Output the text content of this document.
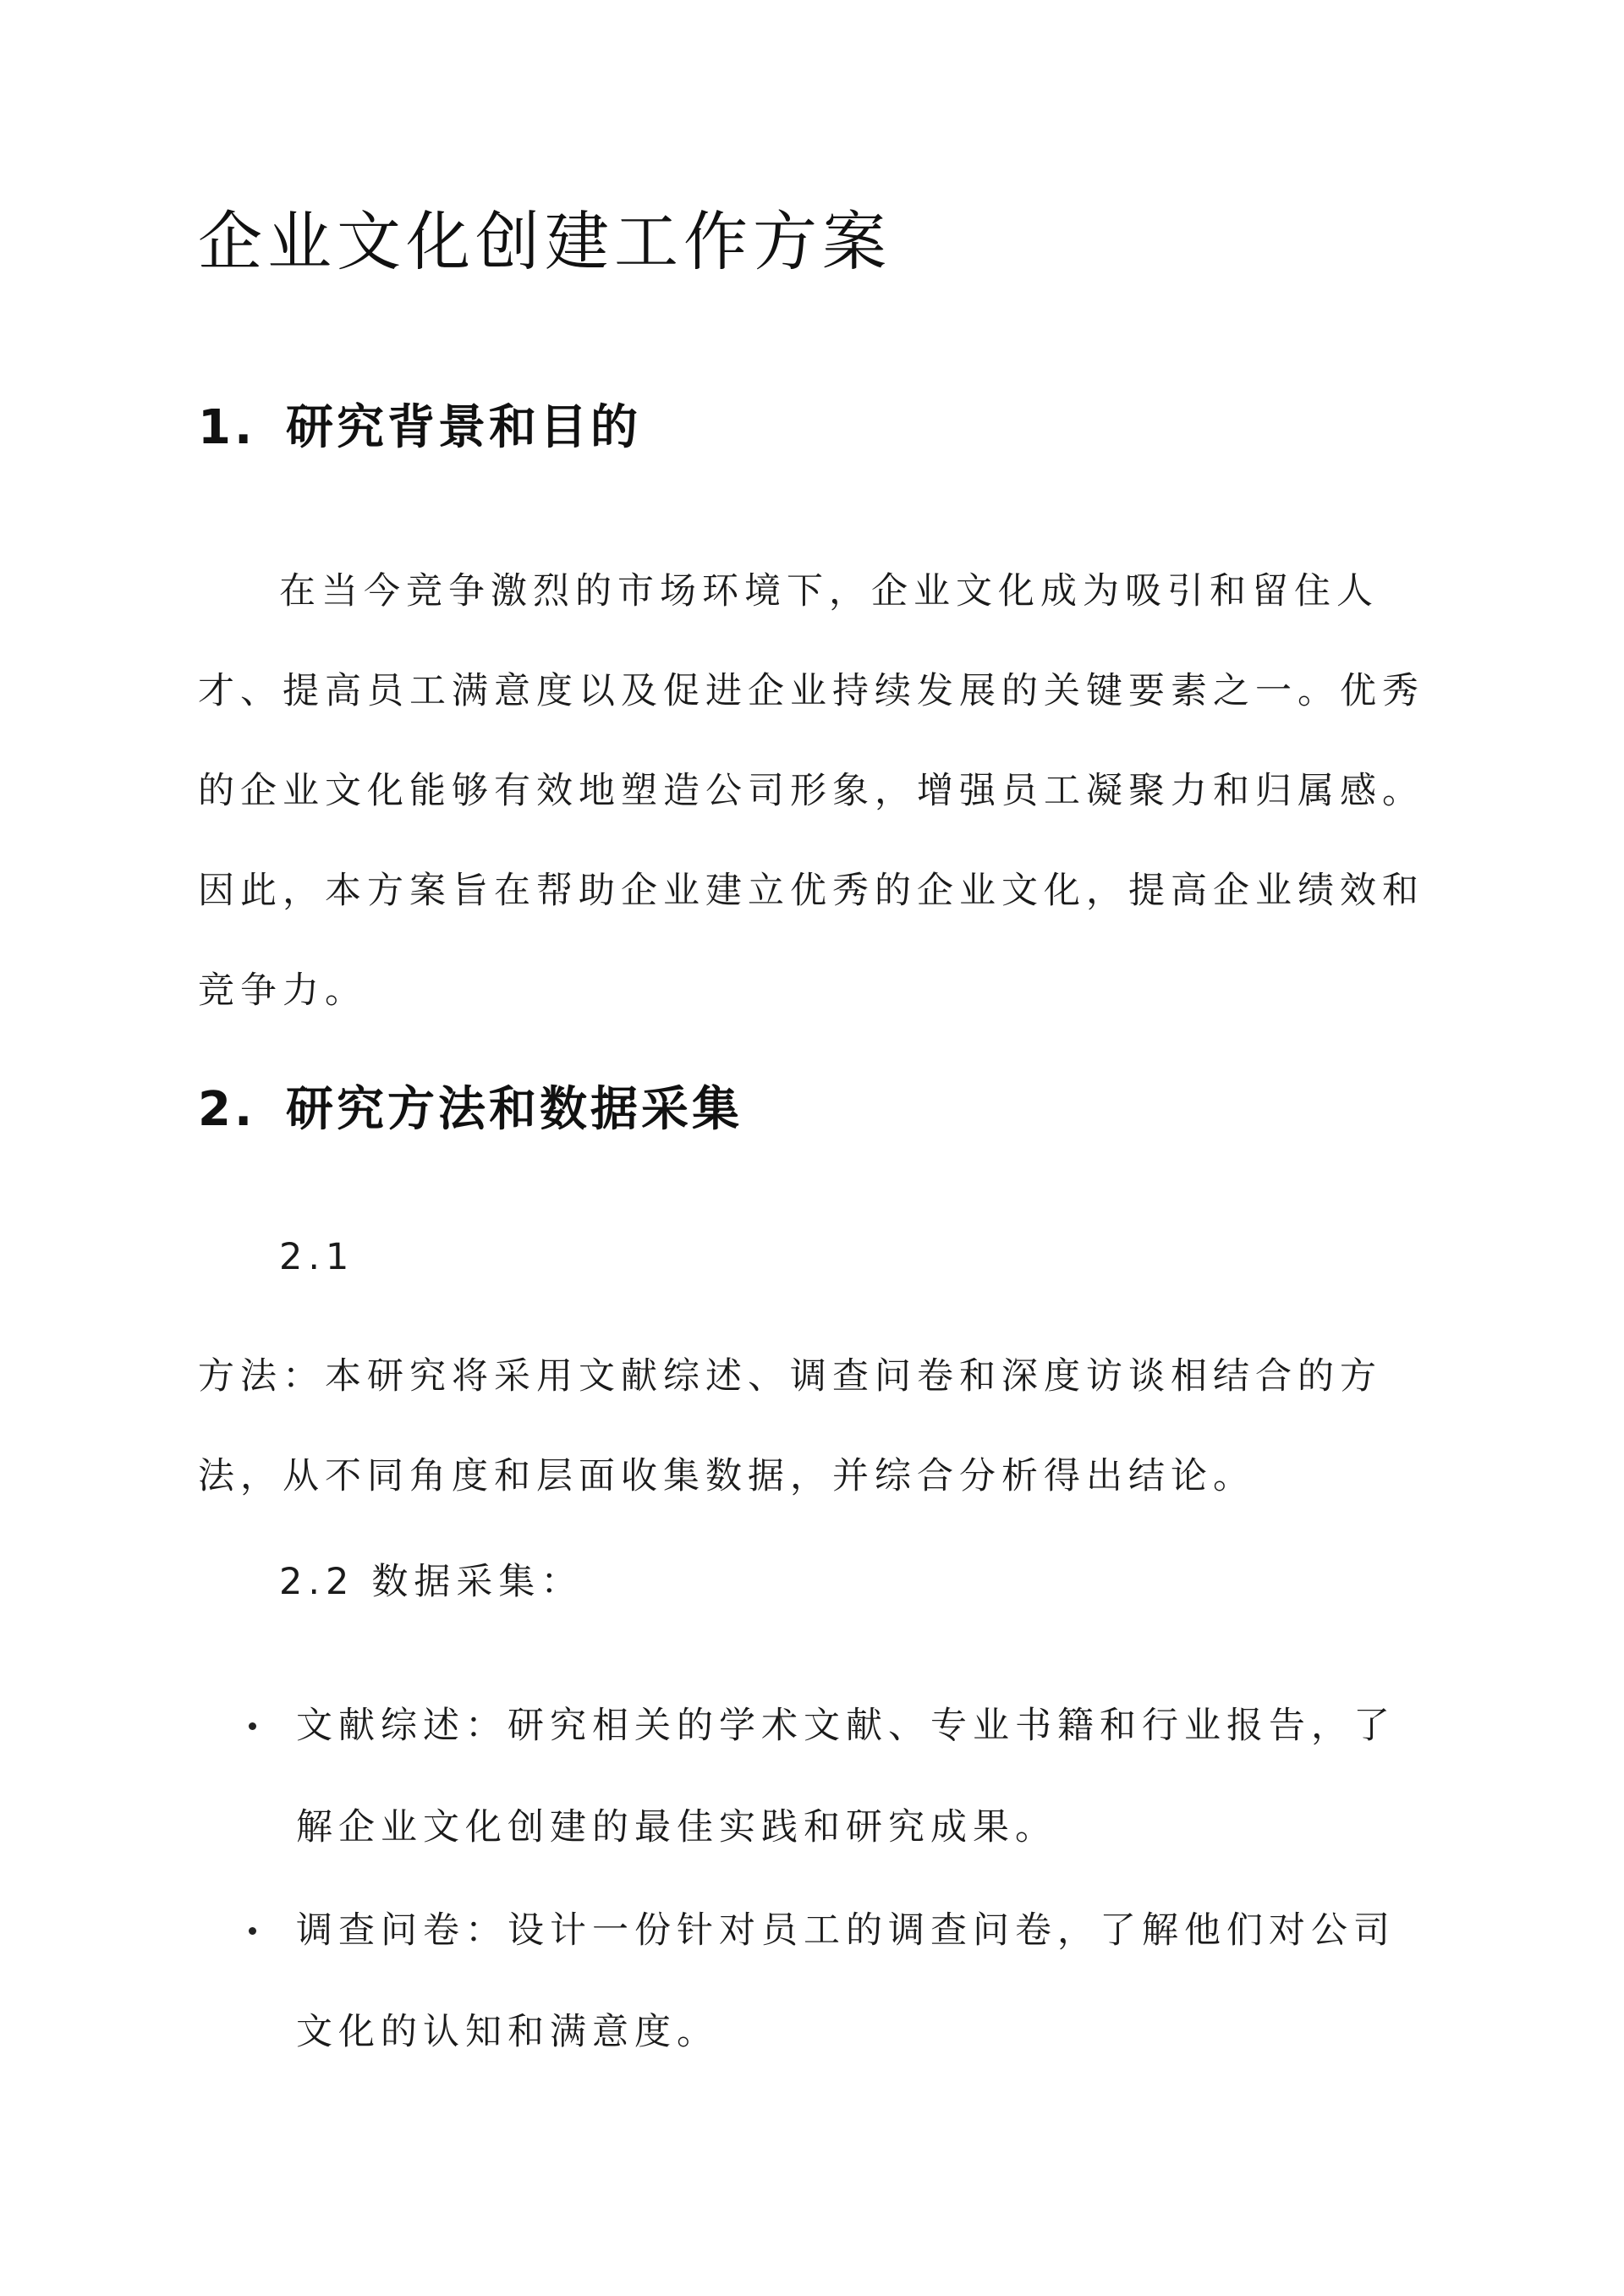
企业文化创建工作方案
1. 研究背景和目的

在当今竞争激烈的市场环境下，企业文化成为吸引和留住人才、提高员工满意度以及促进企业持续发展的关键要素之一。优秀的企业文化能够有效地塑造公司形象，增强员工凝聚力和归属感。因此，本方案旨在帮助企业建立优秀的企业文化，提高企业绩效和竞争力。

2. 研究方法和数据采集

2.1

方法：本研究将采用文献综述、调查问卷和深度访谈相结合的方法，从不同角度和层面收集数据，并综合分析得出结论。

2.2 数据采集：

文献综述：研究相关的学术文献、专业书籍和行业报告，了解企业文化创建的最佳实践和研究成果。
调查问卷：设计一份针对员工的调查问卷，了解他们对公司文化的认知和满意度。
